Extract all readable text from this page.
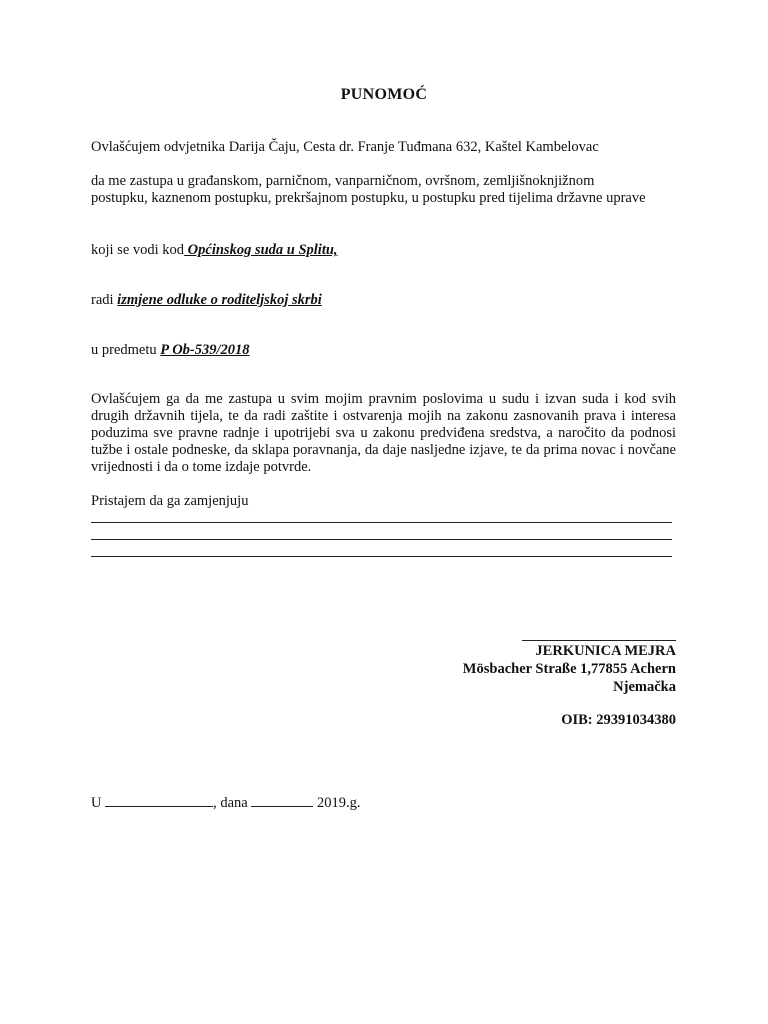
PUNOMOĆ
Ovlašćujem odvjetnika Darija Čaju, Cesta dr. Franje Tuđmana 632, Kaštel Kambelovac
da me zastupa u građanskom, parničnom, vanparničnom, ovršnom, zemljišnoknjižnom postupku, kaznenom postupku, prekršajnom postupku, u postupku pred tijelima državne uprave
koji se vodi kod Općinskog suda u Splitu,
radi izmjene odluke o roditeljskoj skrbi
u predmetu P Ob-539/2018
Ovlašćujem ga da me zastupa u svim mojim pravnim poslovima u sudu i izvan suda i kod svih drugih državnih tijela, te da radi zaštite i ostvarenja mojih na zakonu zasnovanih prava i interesa poduzima sve pravne radnje i upotrijebi sva u zakonu predviđena sredstva, a naročito da podnosi tužbe i ostale podneske, da sklapa poravnanja, da daje nasljedne izjave, te da prima novac i novčane vrijednosti i da o tome izdaje potvrde.
Pristajem da ga zamjenjuju
JERKUNICA MEJRA
Mösbacher Straße 1,77855 Achern
Njemačka
OIB: 29391034380
U	, dana	2019.g.
